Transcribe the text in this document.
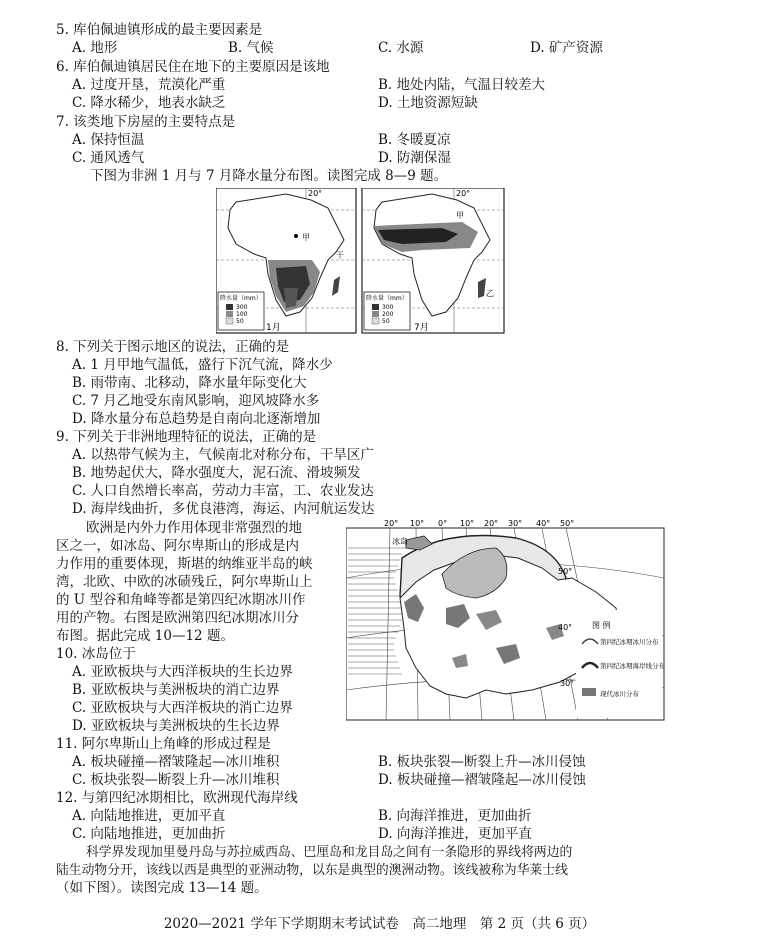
5. 库伯佩迪镇形成的最主要因素是
A. 地形	B. 气候	C. 水源	D. 矿产资源
6. 库伯佩迪镇居民住在地下的主要原因是该地
A. 过度开垦，荒漠化严重	B. 地处内陆，气温日较差大
C. 降水稀少，地表水缺乏	D. 土地资源短缺
7. 该类地下房屋的主要特点是
A. 保持恒温	B. 冬暖夏凉
C. 通风透气	D. 防潮保湿
下图为非洲 1 月与 7 月降水量分布图。读图完成 8—9 题。
甲
干
20°
降水量（mm）
300
100
50
1月
乙
甲
20°
降水量（mm）
300
200
50
7月
8. 下列关于图示地区的说法，正确的是
A. 1 月甲地气温低，盛行下沉气流，降水少
B. 雨带南、北移动，降水量年际变化大
C. 7 月乙地受东南风影响，迎风坡降水多
D. 降水量分布总趋势是自南向北逐渐增加
9. 下列关于非洲地理特征的说法，正确的是
A. 以热带气候为主，气候南北对称分布，干旱区广
B. 地势起伏大，降水强度大，泥石流、滑坡频发
C. 人口自然增长率高，劳动力丰富，工、农业发达
D. 海岸线曲折，多优良港湾，海运、内河航运发达
欧洲是内外力作用体现非常强烈的地
区之一，如冰岛、阿尔卑斯山的形成是内
力作用的重要体现，斯堪的纳维亚半岛的峡
湾，北欧、中欧的冰碛残丘，阿尔卑斯山上
的 U 型谷和角峰等都是第四纪冰期冰川作
用的产物。右图是欧洲第四纪冰期冰川分
布图。据此完成 10—12 题。
20° 10° 0° 10° 20° 30° 40° 50°
冰岛
50°
40°
30°
图 例
第四纪冰期冰川分布
第四纪冰期海岸线分布
现代冰川分布
10. 冰岛位于
A. 亚欧板块与大西洋板块的生长边界
B. 亚欧板块与美洲板块的消亡边界
C. 亚欧板块与大西洋板块的消亡边界
D. 亚欧板块与美洲板块的生长边界
11. 阿尔卑斯山上角峰的形成过程是
A. 板块碰撞—褶皱隆起—冰川堆积	B. 板块张裂—断裂上升—冰川侵蚀
C. 板块张裂—断裂上升—冰川堆积	D. 板块碰撞—褶皱隆起—冰川侵蚀
12. 与第四纪冰期相比，欧洲现代海岸线
A. 向陆地推进，更加平直	B. 向海洋推进，更加曲折
C. 向陆地推进，更加曲折	D. 向海洋推进，更加平直
科学界发现加里曼丹岛与苏拉威西岛、巴厘岛和龙目岛之间有一条隐形的界线将两边的
陆生动物分开，该线以西是典型的亚洲动物，以东是典型的澳洲动物。该线被称为华莱士线
（如下图）。读图完成 13—14 题。
2020—2021 学年下学期期末考试试卷　高二地理　第 2 页（共 6 页）
